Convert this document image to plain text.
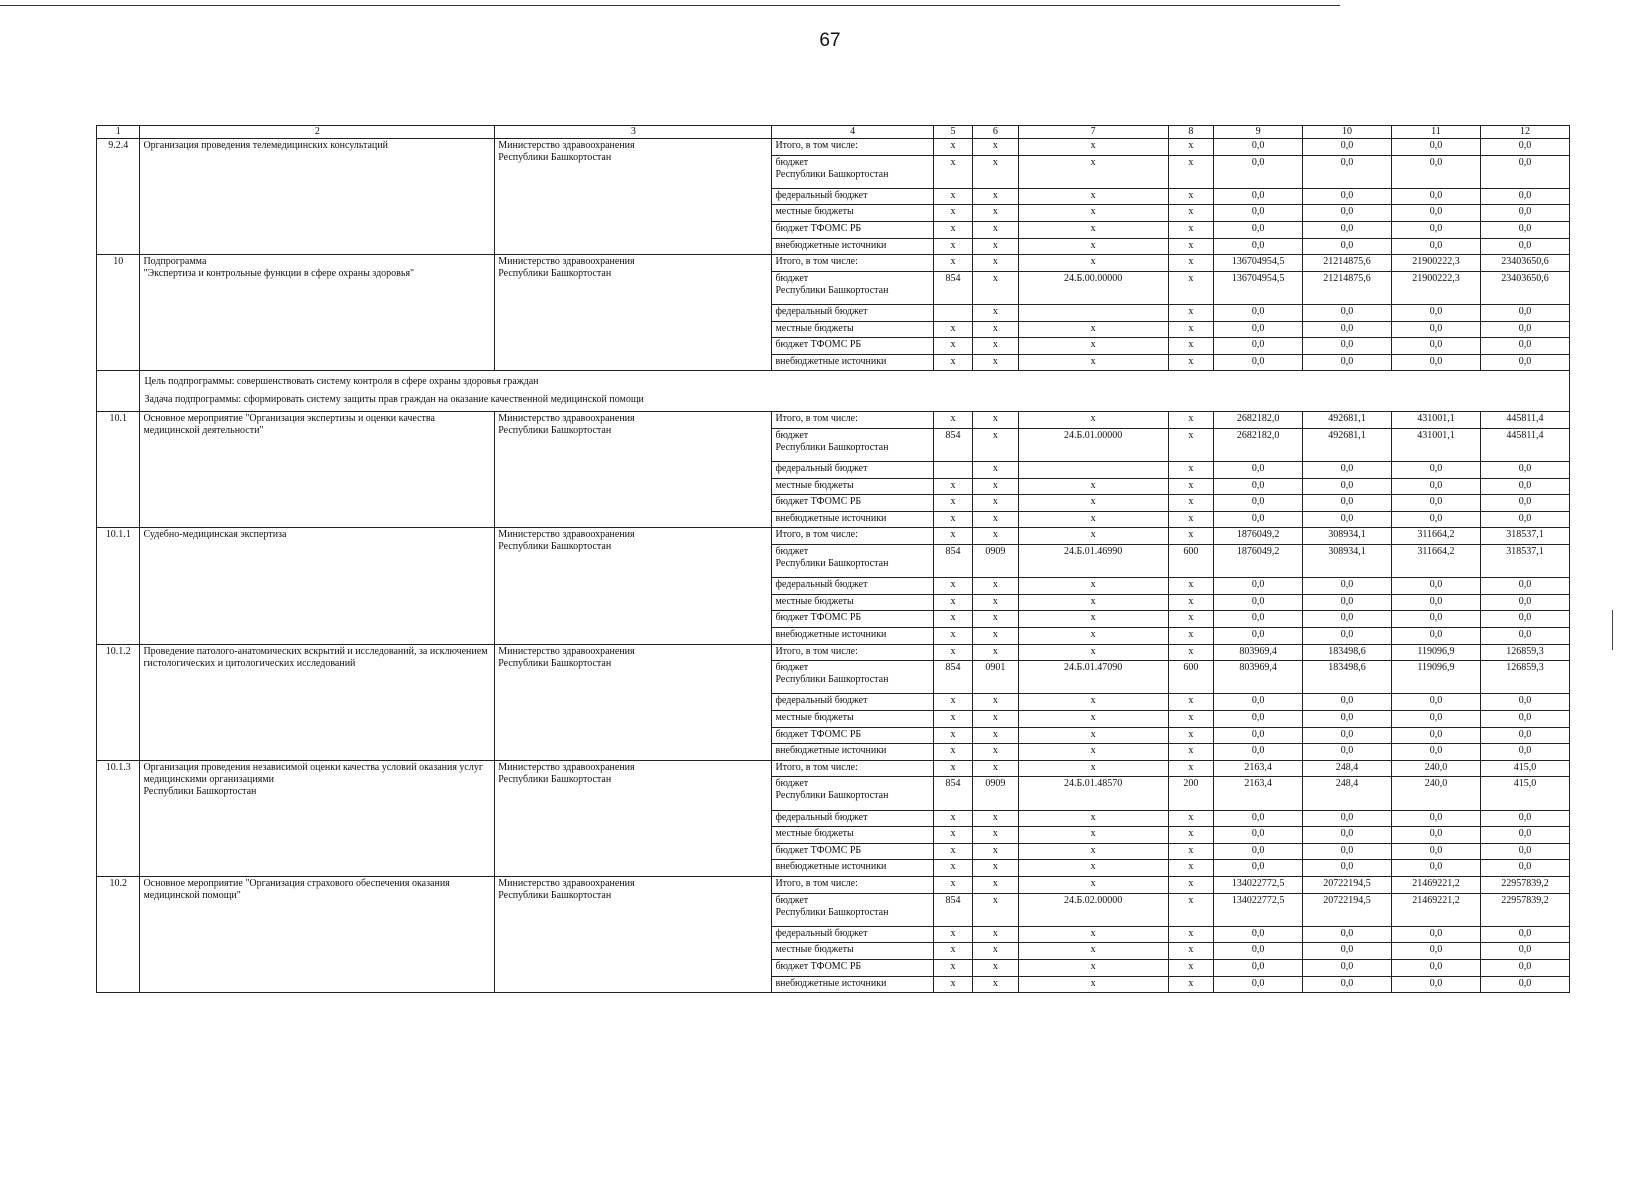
67
1	2	3	4	5	6	7	8	9	10	11	12
9.2.4	Организация проведения телемедицинских консультаций	Министерство здравоохранения
Республики Башкортостан	Итого, в том числе:	x	x	x	x	0,0	0,0	0,0	0,0
			бюджет
Республики Башкортостан	x	x	x	x	0,0	0,0	0,0	0,0
			федеральный бюджет	x	x	x	x	0,0	0,0	0,0	0,0
			местные бюджеты	x	x	x	x	0,0	0,0	0,0	0,0
			бюджет ТФОМС РБ	x	x	x	x	0,0	0,0	0,0	0,0
			внебюджетные источники	x	x	x	x	0,0	0,0	0,0	0,0
10	Подпрограмма
"Экспертиза и контрольные функции в сфере охраны здоровья"	Министерство здравоохранения
Республики Башкортостан	Итого, в том числе:	x	x	x	x	136704954,5	21214875,6	21900222,3	23403650,6
			бюджет
Республики Башкортостан	854	x	24.Б.00.00000	x	136704954,5	21214875,6	21900222,3	23403650,6
			федеральный бюджет		x		x	0,0	0,0	0,0	0,0
			местные бюджеты	x	x	x	x	0,0	0,0	0,0	0,0
			бюджет ТФОМС РБ	x	x	x	x	0,0	0,0	0,0	0,0
			внебюджетные источники	x	x	x	x	0,0	0,0	0,0	0,0

	Цель подпрограммы: совершенствовать систему контроля в сфере охраны здоровья граждан
Задача подпрограммы: сформировать систему защиты прав граждан на оказание качественной медицинской помощи										

10.1	Основное мероприятие "Организация экспертизы и оценки качества медицинской деятельности"	Министерство здравоохранения
Республики Башкортостан	Итого, в том числе:	x	x	x	x	2682182,0	492681,1	431001,1	445811,4
			бюджет
Республики Башкортостан	854	x	24.Б.01.00000	x	2682182,0	492681,1	431001,1	445811,4
			федеральный бюджет		x		x	0,0	0,0	0,0	0,0
			местные бюджеты	x	x	x	x	0,0	0,0	0,0	0,0
			бюджет ТФОМС РБ	x	x	x	x	0,0	0,0	0,0	0,0
			внебюджетные источники	x	x	x	x	0,0	0,0	0,0	0,0
10.1.1	Судебно-медицинская экспертиза	Министерство здравоохранения
Республики Башкортостан	Итого, в том числе:	x	x	x	x	1876049,2	308934,1	311664,2	318537,1
			бюджет
Республики Башкортостан	854	0909	24.Б.01.46990	600	1876049,2	308934,1	311664,2	318537,1
			федеральный бюджет	x	x	x	x	0,0	0,0	0,0	0,0
			местные бюджеты	x	x	x	x	0,0	0,0	0,0	0,0
			бюджет ТФОМС РБ	x	x	x	x	0,0	0,0	0,0	0,0
			внебюджетные источники	x	x	x	x	0,0	0,0	0,0	0,0
10.1.2	Проведение патолого-анатомических вскрытий и исследований, за исключением гистологических и цитологических исследований	Министерство здравоохранения
Республики Башкортостан	Итого, в том числе:	x	x	x	x	803969,4	183498,6	119096,9	126859,3
			бюджет
Республики Башкортостан	854	0901	24.Б.01.47090	600	803969,4	183498,6	119096,9	126859,3
			федеральный бюджет	x	x	x	x	0,0	0,0	0,0	0,0
			местные бюджеты	x	x	x	x	0,0	0,0	0,0	0,0
			бюджет ТФОМС РБ	x	x	x	x	0,0	0,0	0,0	0,0
			внебюджетные источники	x	x	x	x	0,0	0,0	0,0	0,0
10.1.3	Организация проведения независимой оценки качества условий оказания услуг медицинскими организациями
Республики Башкортостан	Министерство здравоохранения
Республики Башкортостан	Итого, в том числе:	x	x	x	x	2163,4	248,4	240,0	415,0
			бюджет
Республики Башкортостан	854	0909	24.Б.01.48570	200	2163,4	248,4	240,0	415,0
			федеральный бюджет	x	x	x	x	0,0	0,0	0,0	0,0
			местные бюджеты	x	x	x	x	0,0	0,0	0,0	0,0
			бюджет ТФОМС РБ	x	x	x	x	0,0	0,0	0,0	0,0
			внебюджетные источники	x	x	x	x	0,0	0,0	0,0	0,0
10.2	Основное мероприятие "Организация страхового обеспечения оказания медицинской помощи"	Министерство здравоохранения
Республики Башкортостан	Итого, в том числе:	x	x	x	x	134022772,5	20722194,5	21469221,2	22957839,2
			бюджет
Республики Башкортостан	854	x	24.Б.02.00000	x	134022772,5	20722194,5	21469221,2	22957839,2
			федеральный бюджет	x	x	x	x	0,0	0,0	0,0	0,0
			местные бюджеты	x	x	x	x	0,0	0,0	0,0	0,0
			бюджет ТФОМС РБ	x	x	x	x	0,0	0,0	0,0	0,0
			внебюджетные источники	x	x	x	x	0,0	0,0	0,0	0,0
